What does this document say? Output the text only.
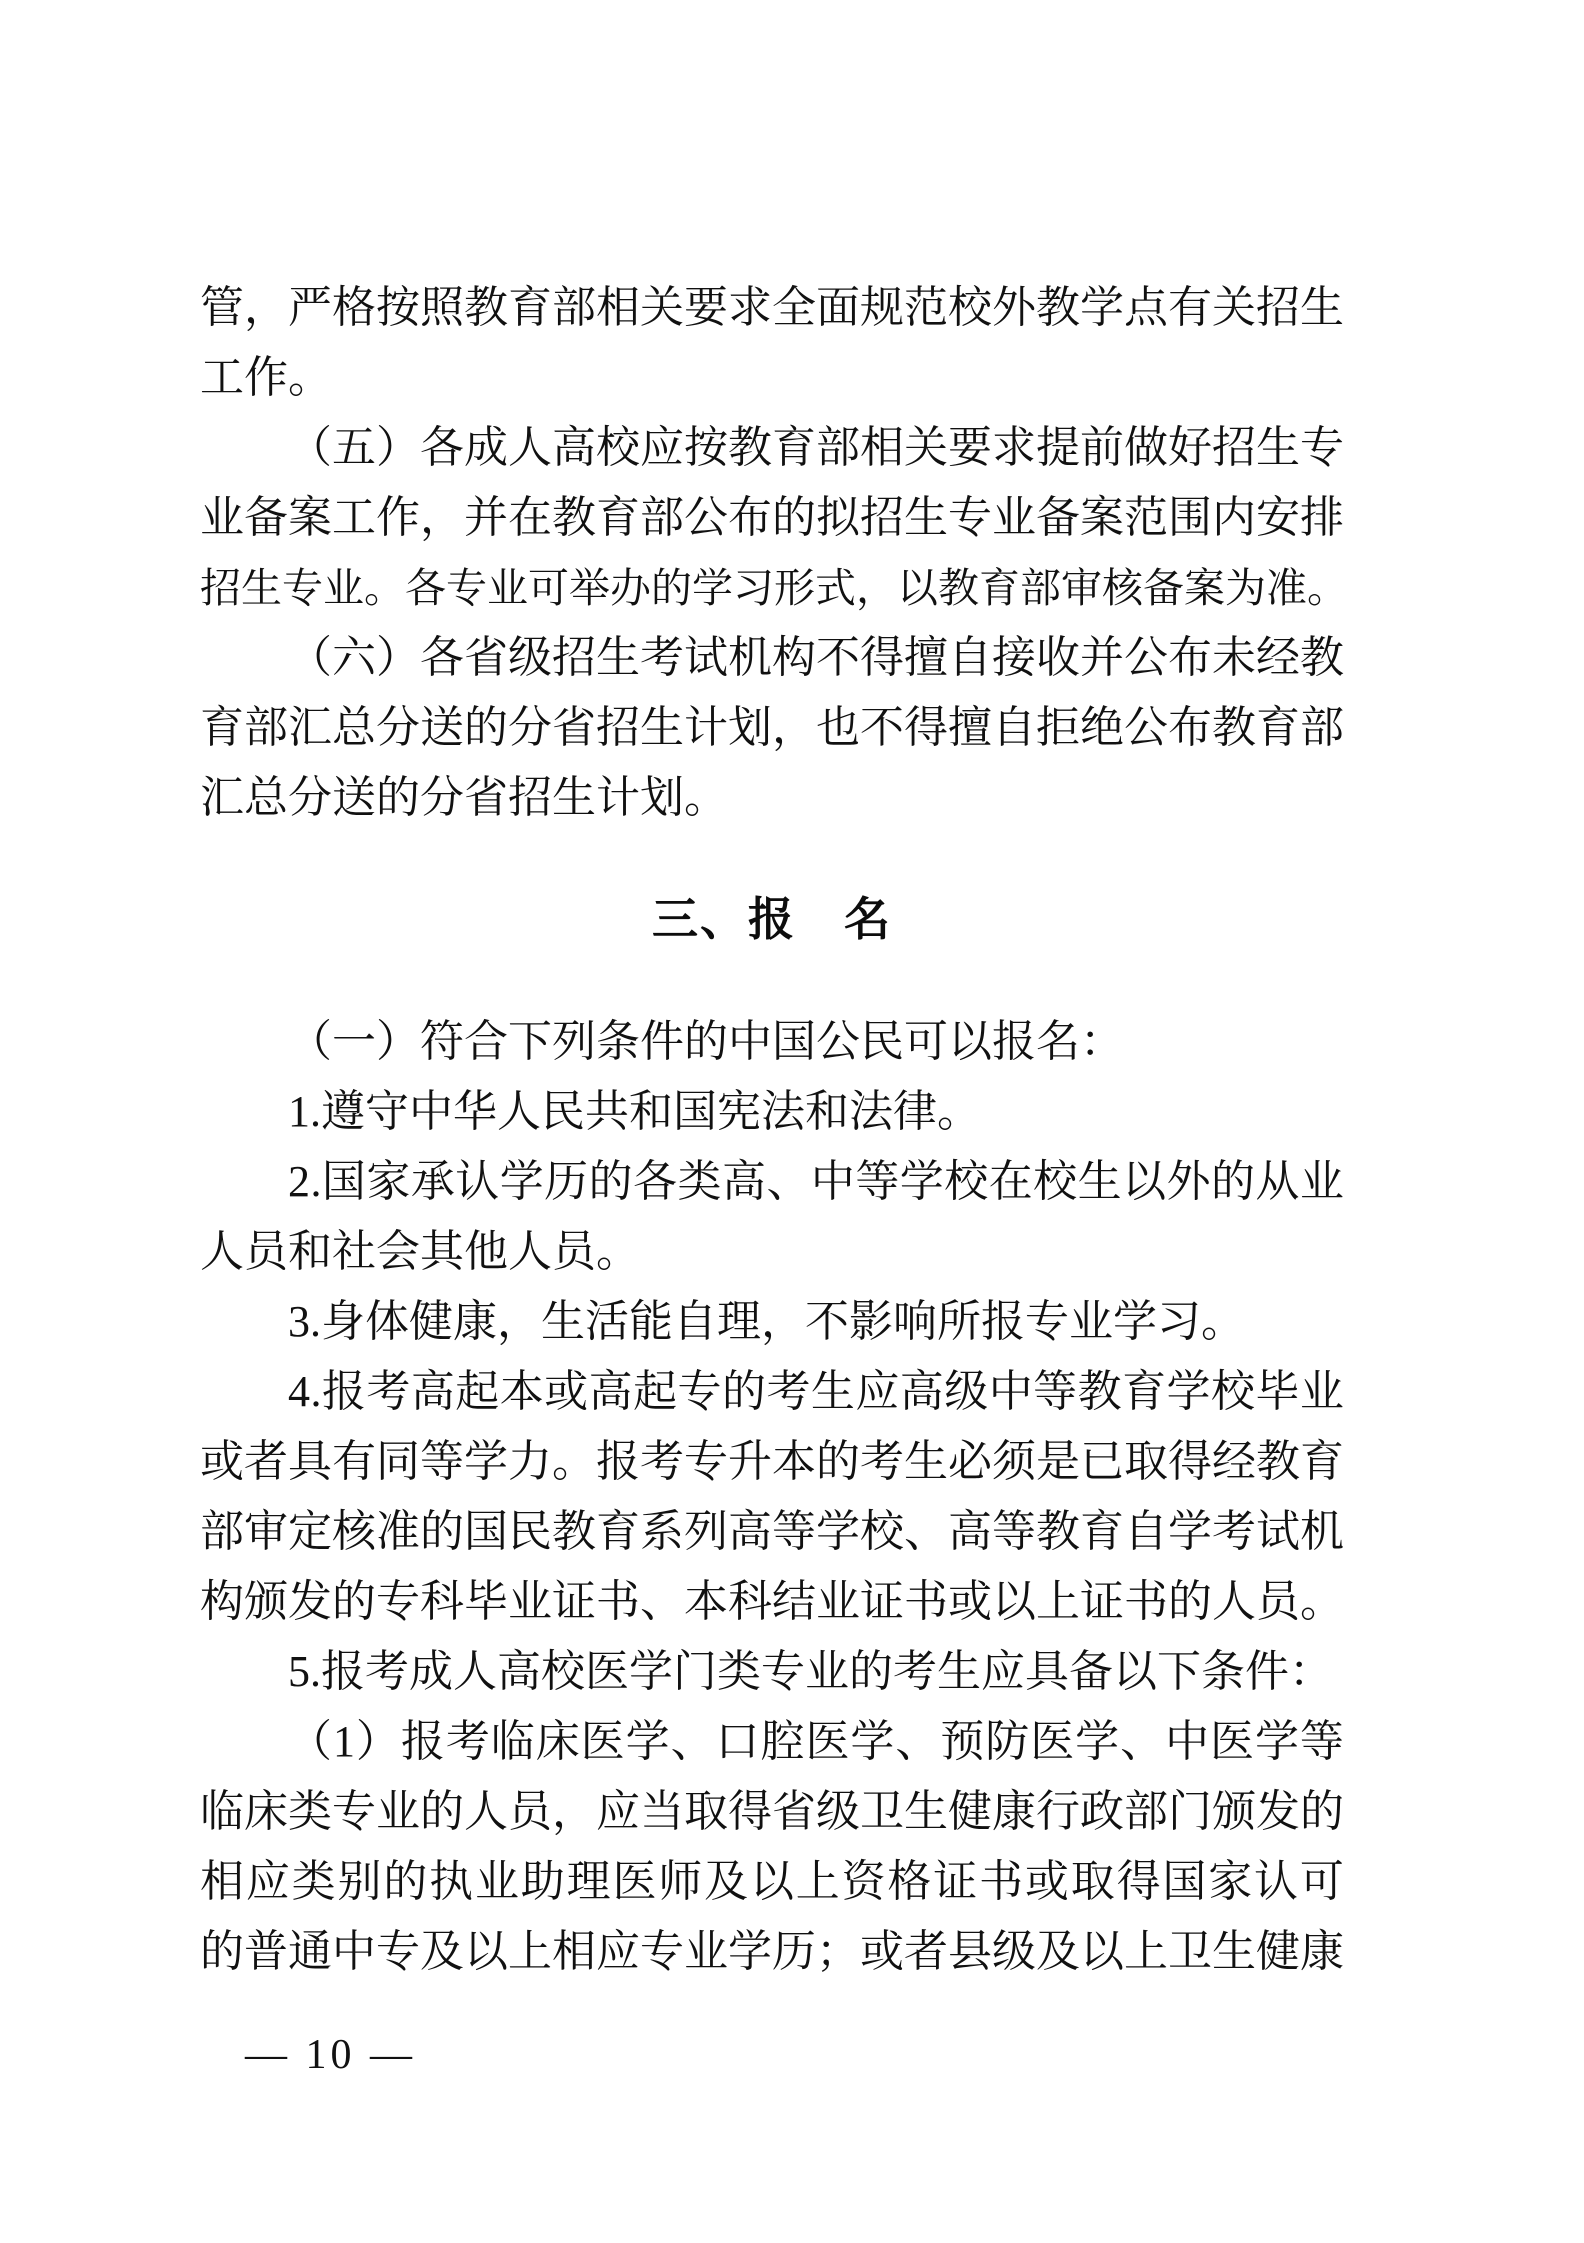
管 ， 严 格 按 照 教 育 部 相 关 要 求 全 面 规 范 校 外 教 学 点 有 关 招 生
工作。
（ 五 ） 各 成 人 高 校 应 按 教 育 部 相 关 要 求 提 前 做 好 招 生 专
业 备 案 工 作 ， 并 在 教 育 部 公 布 的 拟 招 生 专 业 备 案 范 围 内 安 排
招 生 专 业 。 各 专 业 可 举 办 的 学 习 形 式 ， 以 教 育 部 审 核 备 案 为 准 。
（ 六 ） 各 省 级 招 生 考 试 机 构 不 得 擅 自 接 收 并 公 布 未 经 教
育 部 汇 总 分 送 的 分 省 招 生 计 划 ， 也 不 得 擅 自 拒 绝 公 布 教 育 部
汇总分送的分省招生计划。
三、报　名
（一）符合下列条件的中国公民可以报名：
1.遵守中华人民共和国宪法和法律。
2 . 国 家 承 认 学 历 的 各 类 高 、 中 等 学 校 在 校 生 以 外 的 从 业
人员和社会其他人员。
3.身体健康，生活能自理，不影响所报专业学习。
4 . 报 考 高 起 本 或 高 起 专 的 考 生 应 高 级 中 等 教 育 学 校 毕 业
或 者 具 有 同 等 学 力 。 报 考 专 升 本 的 考 生 必 须 是 已 取 得 经 教 育
部 审 定 核 准 的 国 民 教 育 系 列 高 等 学 校 、 高 等 教 育 自 学 考 试 机
构 颁 发 的 专 科 毕 业 证 书 、 本 科 结 业 证 书 或 以 上 证 书 的 人 员 。
5.报考成人高校医学门类专业的考生应具备以下条件：
（ 1 ） 报 考 临 床 医 学 、 口 腔 医 学 、 预 防 医 学 、 中 医 学 等
临 床 类 专 业 的 人 员 ， 应 当 取 得 省 级 卫 生 健 康 行 政 部 门 颁 发 的
相 应 类 别 的 执 业 助 理 医 师 及 以 上 资 格 证 书 或 取 得 国 家 认 可
的 普 通 中 专 及 以 上 相 应 专 业 学 历 ； 或 者 县 级 及 以 上 卫 生 健 康
— 10 —
